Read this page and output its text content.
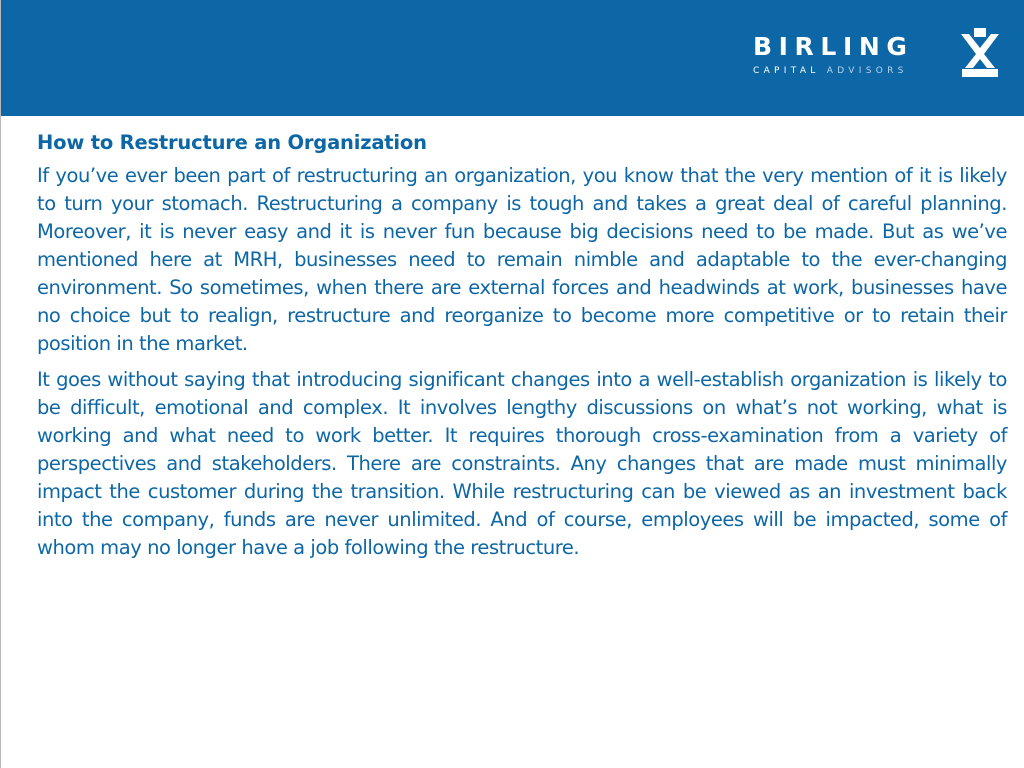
BIRLING
CAPITAL ADVISORS
How to Restructure an Organization

If you’ve ever been part of restructuring an organization, you know that the very mention of it is likely to turn your stomach. Restructuring a company is tough and takes a great deal of careful planning. Moreover, it is never easy and it is never fun because big decisions need to be made. But as we’ve mentioned here at MRH, businesses need to remain nimble and adaptable to the ever-changing environment. So sometimes, when there are external forces and headwinds at work, businesses have no choice but to realign, restructure and reorganize to become more competitive or to retain their position in the market.

It goes without saying that introducing significant changes into a well-establish organization is likely to be difficult, emotional and complex. It involves lengthy discussions on what’s not working, what is working and what need to work better. It requires thorough cross-examination from a variety of perspectives and stakeholders. There are constraints. Any changes that are made must minimally impact the customer during the transition. While restructuring can be viewed as an investment back into the company, funds are never unlimited. And of course, employees will be impacted, some of whom may no longer have a job following the restructure.
